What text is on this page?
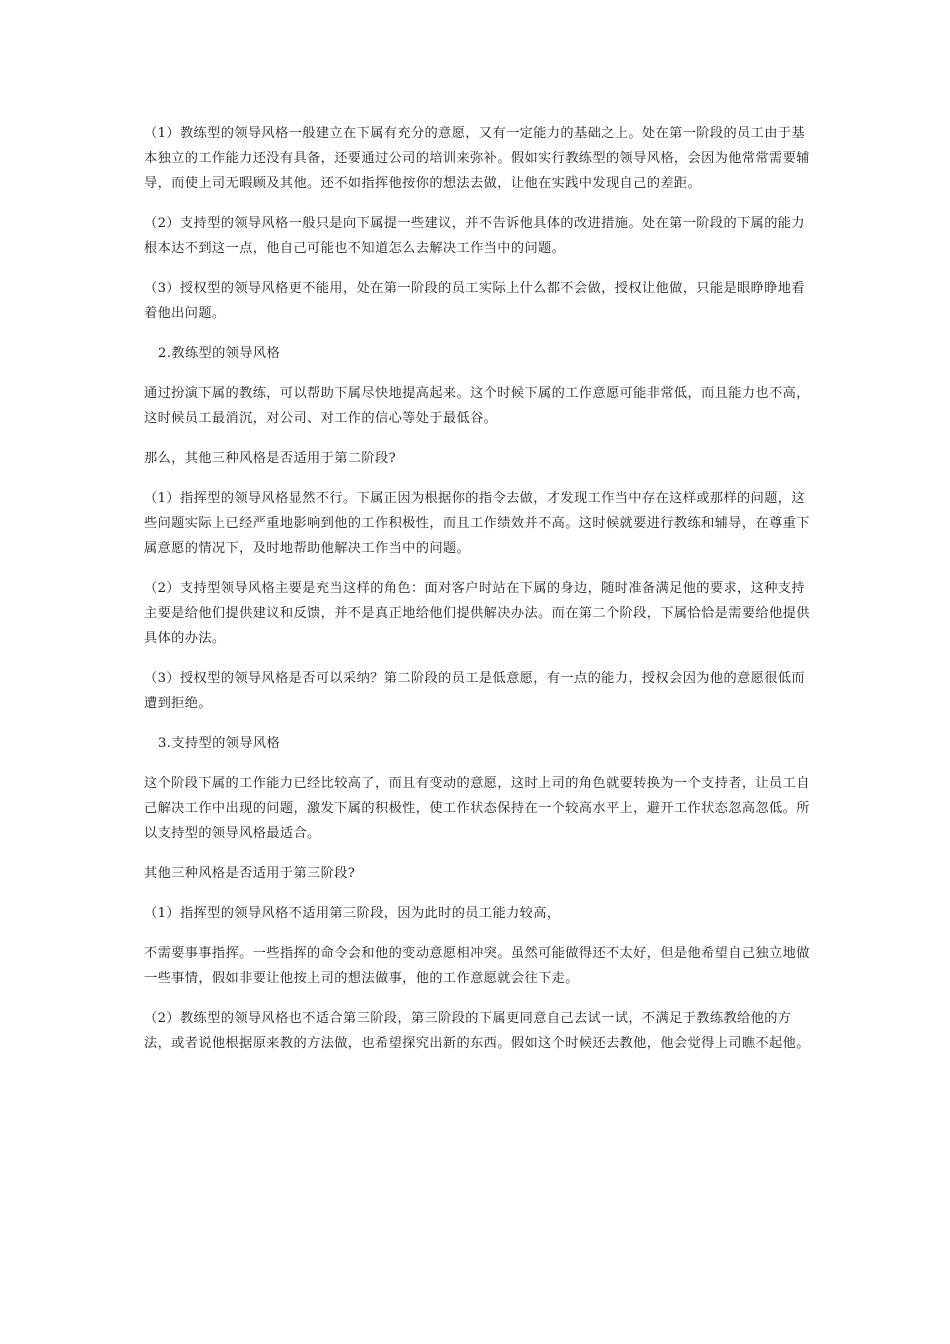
（1）教练型的领导风格一般建立在下属有充分的意愿，又有一定能力的基础之上。处在第一阶段的员工由于基本独立的工作能力还没有具备，还要通过公司的培训来弥补。假如实行教练型的领导风格，会因为他常常需要辅导，而使上司无暇顾及其他。还不如指挥他按你的想法去做，让他在实践中发现自己的差距。

（2）支持型的领导风格一般只是向下属提一些建议，并不告诉他具体的改进措施。处在第一阶段的下属的能力根本达不到这一点，他自己可能也不知道怎么去解决工作当中的问题。

（3）授权型的领导风格更不能用，处在第一阶段的员工实际上什么都不会做，授权让他做，只能是眼睁睁地看着他出问题。

2.教练型的领导风格

通过扮演下属的教练，可以帮助下属尽快地提高起来。这个时候下属的工作意愿可能非常低，而且能力也不高，这时候员工最消沉，对公司、对工作的信心等处于最低谷。

那么，其他三种风格是否适用于第二阶段?

（1）指挥型的领导风格显然不行。下属正因为根据你的指令去做，才发现工作当中存在这样或那样的问题，这些问题实际上已经严重地影响到他的工作积极性，而且工作绩效并不高。这时候就要进行教练和辅导，在尊重下属意愿的情况下，及时地帮助他解决工作当中的问题。

（2）支持型领导风格主要是充当这样的角色：面对客户时站在下属的身边，随时准备满足他的要求，这种支持主要是给他们提供建议和反馈，并不是真正地给他们提供解决办法。而在第二个阶段，下属恰恰是需要给他提供具体的办法。

（3）授权型的领导风格是否可以采纳？第二阶段的员工是低意愿，有一点的能力，授权会因为他的意愿很低而遭到拒绝。

3.支持型的领导风格

这个阶段下属的工作能力已经比较高了，而且有变动的意愿，这时上司的角色就要转换为一个支持者，让员工自己解决工作中出现的问题，激发下属的积极性，使工作状态保持在一个较高水平上，避开工作状态忽高忽低。所以支持型的领导风格最适合。

其他三种风格是否适用于第三阶段?

（1）指挥型的领导风格不适用第三阶段，因为此时的员工能力较高，

不需要事事指挥。一些指挥的命令会和他的变动意愿相冲突。虽然可能做得还不太好，但是他希望自己独立地做一些事情，假如非要让他按上司的想法做事，他的工作意愿就会往下走。

（2）教练型的领导风格也不适合第三阶段，第三阶段的下属更同意自己去试一试，不满足于教练教给他的方法，或者说他根据原来教的方法做，也希望探究出新的东西。假如这个时候还去教他，他会觉得上司瞧不起他。
